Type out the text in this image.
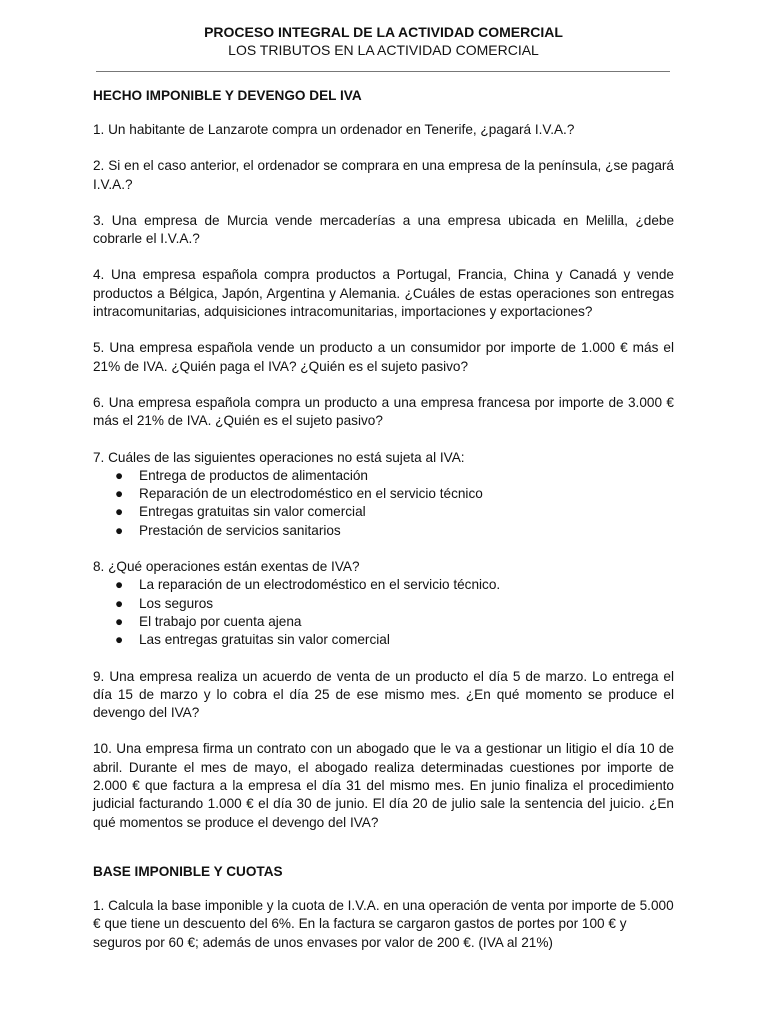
PROCESO INTEGRAL DE LA ACTIVIDAD COMERCIAL
LOS TRIBUTOS EN LA ACTIVIDAD COMERCIAL
HECHO IMPONIBLE Y DEVENGO DEL IVA

1. Un habitante de Lanzarote compra un ordenador en Tenerife, ¿pagará I.V.A.?

2. Si en el caso anterior, el ordenador se comprara en una empresa de la península, ¿se pagará I.V.A.?

3. Una empresa de Murcia vende mercaderías a una empresa ubicada en Melilla, ¿debe cobrarle el I.V.A.?

4. Una empresa española compra productos a Portugal, Francia, China y Canadá y vende productos a Bélgica, Japón, Argentina y Alemania. ¿Cuáles de estas operaciones son entregas intracomunitarias, adquisiciones intracomunitarias, importaciones y exportaciones?

5. Una empresa española vende un producto a un consumidor por importe de 1.000 € más el 21% de IVA. ¿Quién paga el IVA? ¿Quién es el sujeto pasivo?

6. Una empresa española compra un producto a una empresa francesa por importe de 3.000 € más el 21% de IVA. ¿Quién es el sujeto pasivo?

7. Cuáles de las siguientes operaciones no está sujeta al IVA:

● Entrega de productos de alimentación
● Reparación de un electrodoméstico en el servicio técnico
● Entregas gratuitas sin valor comercial
● Prestación de servicios sanitarios

8. ¿Qué operaciones están exentas de IVA?

● La reparación de un electrodoméstico en el servicio técnico.
● Los seguros
● El trabajo por cuenta ajena
● Las entregas gratuitas sin valor comercial

9. Una empresa realiza un acuerdo de venta de un producto el día 5 de marzo. Lo entrega el día 15 de marzo y lo cobra el día 25 de ese mismo mes. ¿En qué momento se produce el devengo del IVA?

10. Una empresa firma un contrato con un abogado que le va a gestionar un litigio el día 10 de abril. Durante el mes de mayo, el abogado realiza determinadas cuestiones por importe de 2.000 € que factura a la empresa el día 31 del mismo mes. En junio finaliza el procedimiento judicial facturando 1.000 € el día 30 de junio. El día 20 de julio sale la sentencia del juicio. ¿En qué momentos se produce el devengo del IVA?

BASE IMPONIBLE Y CUOTAS

1. Calcula la base imponible y la cuota de I.V.A. en una operación de venta por importe de 5.000 € que tiene un descuento del 6%. En la factura se cargaron gastos de portes por 100 € y seguros por 60 €; además de unos envases por valor de 200 €. (IVA al 21%)
